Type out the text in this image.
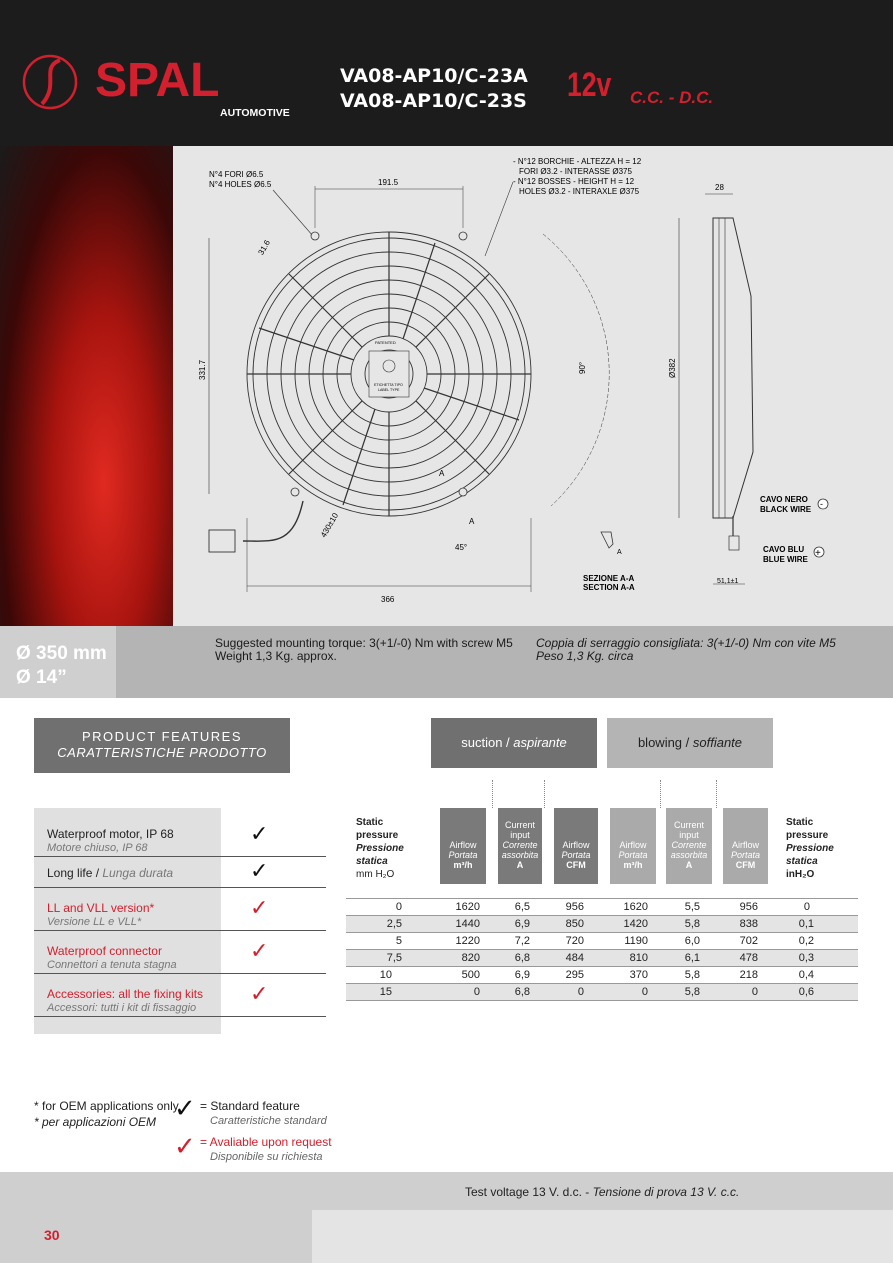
SPAL
AUTOMOTIVE
VA08-AP10/C-23A
VA08-AP10/C-23S 12v C.C. - D.C.
N°4 FORI Ø6.5
N°4 HOLES Ø6.5
- N°12 BORCHIE - ALTEZZA H = 12
FORI Ø3.2 - INTERASSE Ø375
- N°12 BOSSES - HEIGHT H = 12
HOLES Ø3.2 - INTERAXLE Ø375
191.5
31.6
331.7
PATENTED
ETICHETTA TIPO
LABEL TYPE
A
A
430±10
45°
90°
366
A
SEZIONE A-A
SECTION A-A
28
Ø382
CAVO NERO
BLACK WIRE
-
CAVO BLU
BLUE WIRE
+
51,1±1
Ø 350 mm
Ø 14”
Suggested mounting torque: 3(+1/-0) Nm with screw M5
Weight 1,3 Kg. approx.
Coppia di serraggio consigliata: 3(+1/-0) Nm con vite M5
Peso 1,3 Kg. circa
PRODUCT FEATURES
CARATTERISTICHE PRODOTTO
Waterproof motor, IP 68
Motore chiuso, IP 68
✓
Long life / Lunga durata	✓
LL and VLL version*
Versione LL e VLL*
✓
Waterproof connector
Connettori a tenuta stagna
✓
Accessories: all the fixing kits
Accessori: tutti i kit di fissaggio
✓
suction / aspirante	blowing / soffiante
Static
pressure
Pressione
statica
mm H₂O
Airflow
Portata
m³/h
Current
input
Corrente
assorbita
A
Airflow
Portata
CFM
Airflow
Portata
m³/h
Current
input
Corrente
assorbita
A
Airflow
Portata
CFM
Static
pressure
Pressione
statica
inH₂O
0	1620	6,5	956	1620	5,5	956	0
2,5	1440	6,9	850	1420	5,8	838	0,1
5	1220	7,2	720	1190	6,0	702	0,2
7,5	820	6,8	484	810	6,1	478	0,3
10	500	6,9	295	370	5,8	218	0,4
15	0	6,8	0	0	5,8	0	0,6
* for OEM applications only.
* per applicazioni OEM ✓ = Standard feature
Caratteristiche standard
✓ = Avaliable upon request
Disponibile su richiesta
Test voltage 13 V. d.c. - Tensione di prova 13 V. c.c.
30
